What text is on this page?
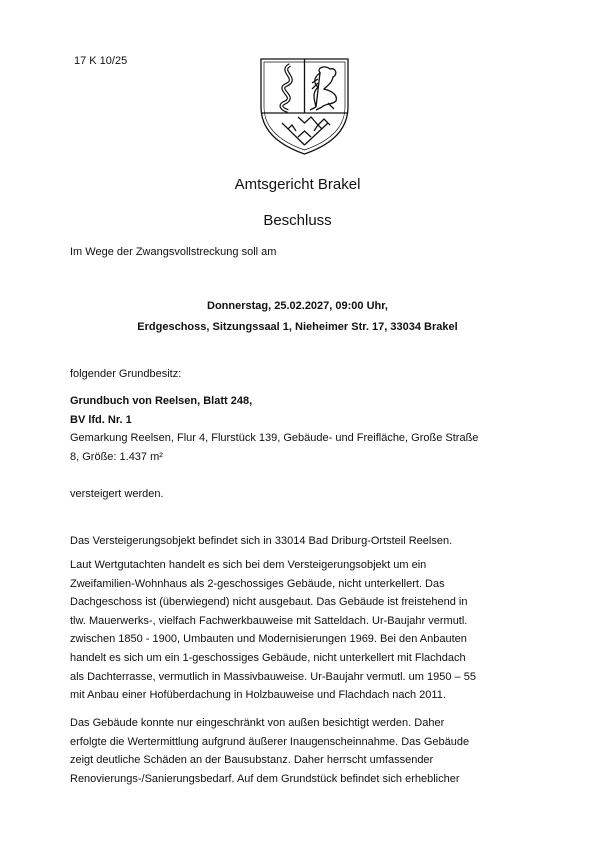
17 K 10/25
Amtsgericht Brakel
Beschluss
Im Wege der Zwangsvollstreckung soll am
Donnerstag, 25.02.2027, 09:00 Uhr,
Erdgeschoss, Sitzungssaal 1, Nieheimer Str. 17, 33034 Brakel
folgender Grundbesitz:
Grundbuch von Reelsen, Blatt 248,
BV lfd. Nr. 1
Gemarkung Reelsen, Flur 4, Flurstück 139, Gebäude- und Freifläche, Große Straße
8, Größe: 1.437 m²
versteigert werden.
Das Versteigerungsobjekt befindet sich in 33014 Bad Driburg-Ortsteil Reelsen.
Laut Wertgutachten handelt es sich bei dem Versteigerungsobjekt um ein
Zweifamilien-Wohnhaus als 2-geschossiges Gebäude, nicht unterkellert. Das
Dachgeschoss ist (überwiegend) nicht ausgebaut. Das Gebäude ist freistehend in
tlw. Mauerwerks-, vielfach Fachwerkbauweise mit Satteldach. Ur-Baujahr vermutl.
zwischen 1850 - 1900, Umbauten und Modernisierungen 1969. Bei den Anbauten
handelt es sich um ein 1-geschossiges Gebäude, nicht unterkellert mit Flachdach
als Dachterrasse, vermutlich in Massivbauweise. Ur-Baujahr vermutl. um 1950 – 55
mit Anbau einer Hofüberdachung in Holzbauweise und Flachdach nach 2011.
Das Gebäude konnte nur eingeschränkt von außen besichtigt werden. Daher
erfolgte die Wertermittlung aufgrund äußerer Inaugenscheinnahme. Das Gebäude
zeigt deutliche Schäden an der Bausubstanz. Daher herrscht umfassender
Renovierungs-/Sanierungsbedarf. Auf dem Grundstück befindet sich erheblicher
